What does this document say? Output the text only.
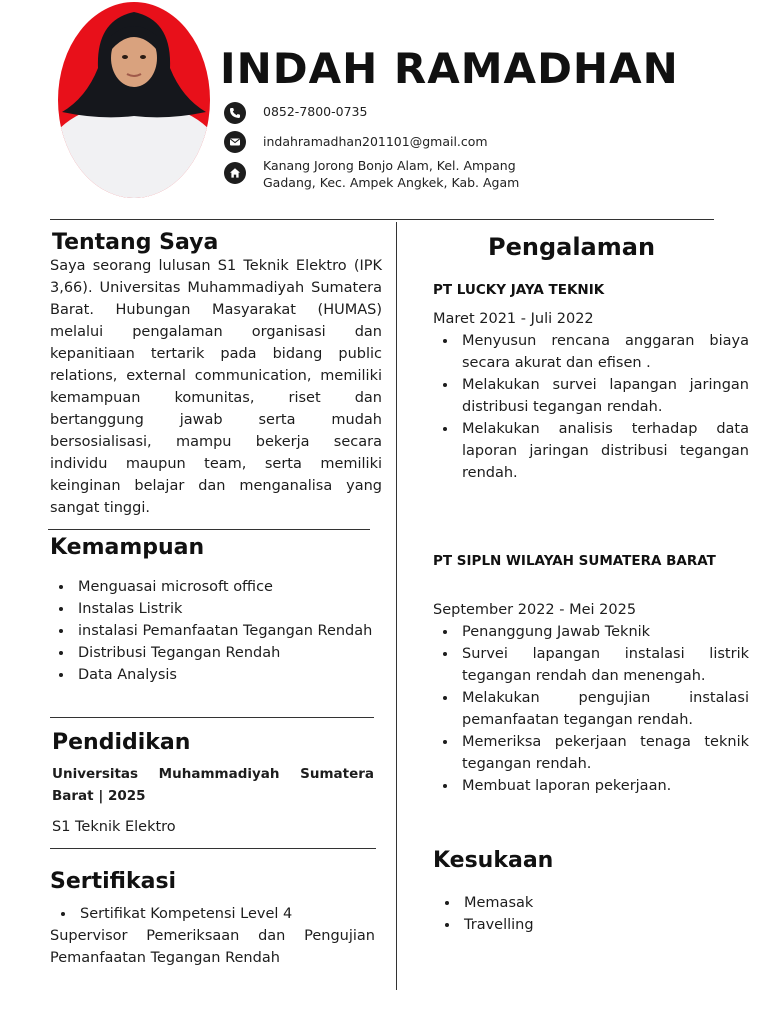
INDAH RAMADHAN
0852-7800-0735
indahramadhan201101@gmail.com
Kanang Jorong Bonjo Alam, Kel. Ampang
Gadang, Kec. Ampek Angkek, Kab. Agam
Tentang Saya
Saya seorang lulusan S1 Teknik Elektro (IPK 3,66). Universitas Muhammadiyah Sumatera Barat. Hubungan Masyarakat (HUMAS) melalui pengalaman organisasi dan kepanitiaan tertarik pada bidang public relations, external communication, memiliki kemampuan komunitas, riset dan bertanggung jawab serta mudah bersosialisasi, mampu bekerja secara individu maupun team, serta memiliki keinginan belajar dan menganalisa yang sangat tinggi.
Kemampuan
• Menguasai microsoft office
• Instalas Listrik
• instalasi Pemanfaatan Tegangan Rendah
• Distribusi Tegangan Rendah
• Data Analysis
Pendidikan
Universitas Muhammadiyah Sumatera Barat | 2025
S1 Teknik Elektro
Sertifikasi
• Sertifikat Kompetensi Level 4
Supervisor Pemeriksaan dan Pengujian Pemanfaatan Tegangan Rendah
Pengalaman
PT LUCKY JAYA TEKNIK
Maret 2021 - Juli 2022
• Menyusun rencana anggaran biaya secara akurat dan efisen .
• Melakukan survei lapangan jaringan distribusi tegangan rendah.
• Melakukan analisis terhadap data laporan jaringan distribusi tegangan rendah.
PT SIPLN WILAYAH SUMATERA BARAT
September 2022 - Mei 2025
• Penanggung Jawab Teknik
• Survei lapangan instalasi listrik tegangan rendah dan menengah.
• Melakukan pengujian instalasi pemanfaatan tegangan rendah.
• Memeriksa pekerjaan tenaga teknik tegangan rendah.
• Membuat laporan pekerjaan.
Kesukaan
• Memasak
• Travelling
